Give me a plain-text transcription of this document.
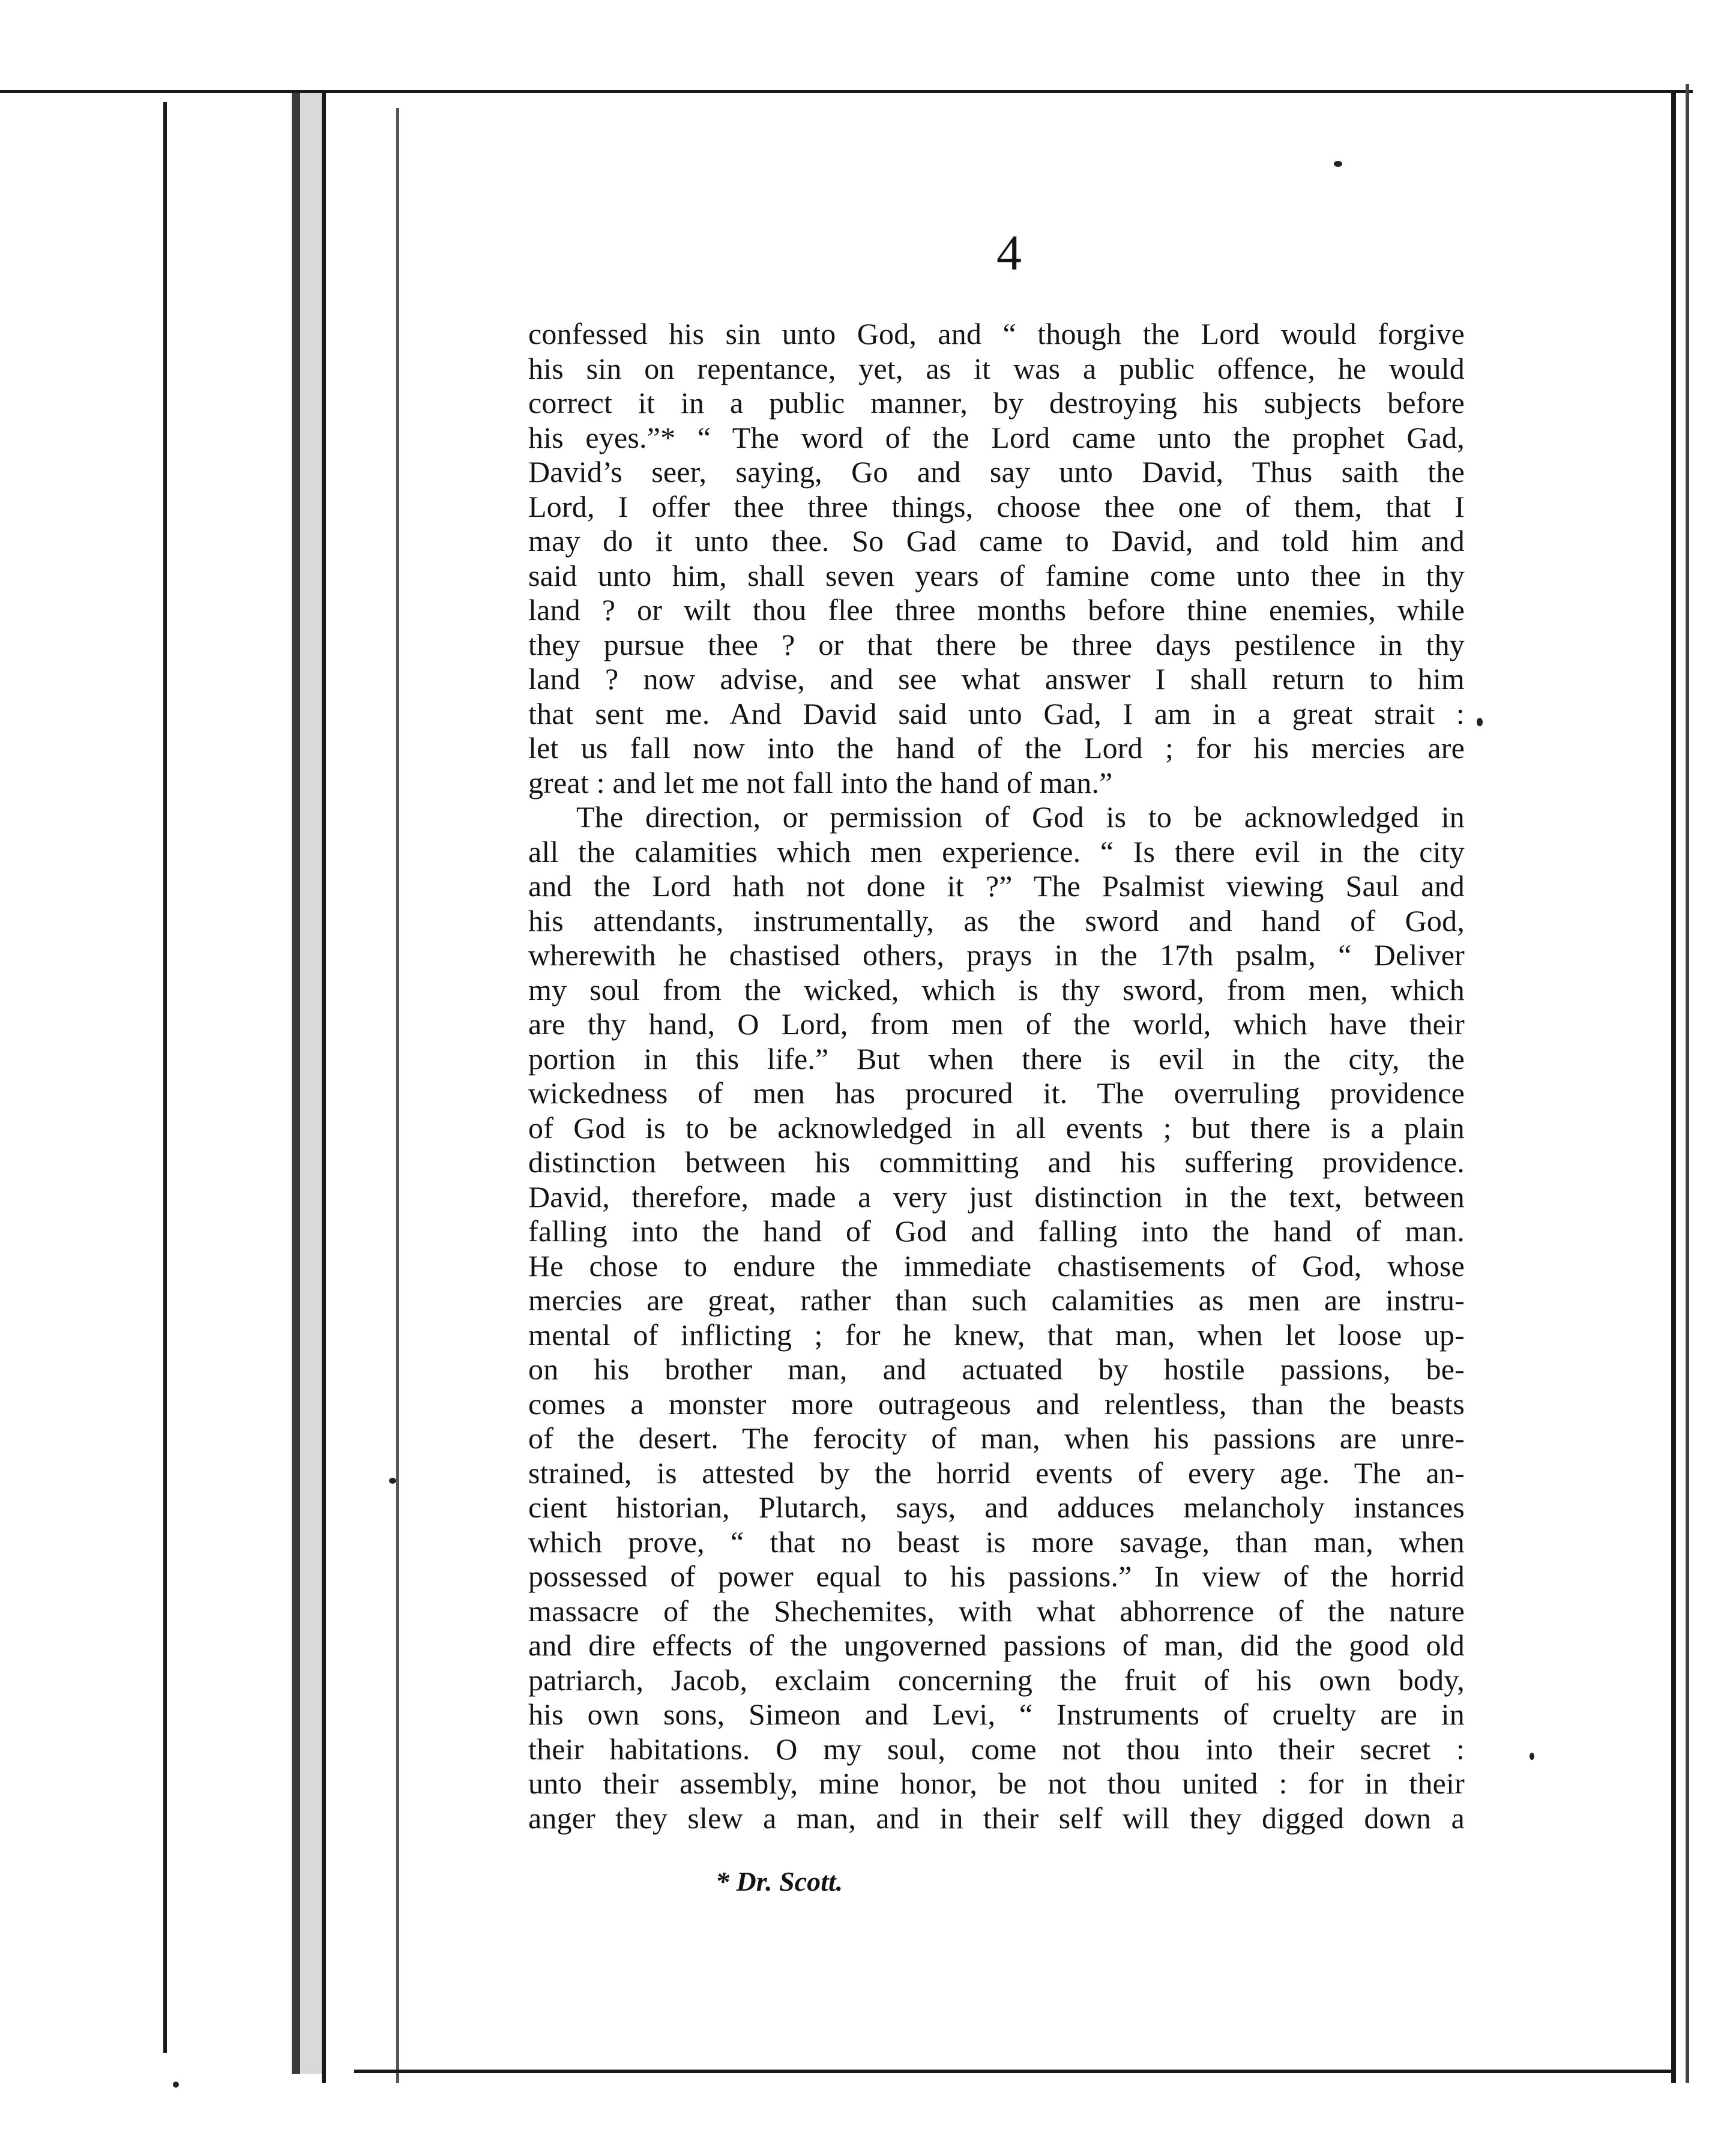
4
confessed his sin unto God, and “ though the Lord would forgive
his sin on repentance, yet, as it was a public offence, he would
correct it in a public manner, by destroying his subjects before
his eyes.”* “ The word of the Lord came unto the prophet Gad,
David’s seer, saying, Go and say unto David, Thus saith the
Lord, I offer thee three things, choose thee one of them, that I
may do it unto thee. So Gad came to David, and told him and
said unto him, shall seven years of famine come unto thee in thy
land ? or wilt thou flee three months before thine enemies, while
they pursue thee ? or that there be three days pestilence in thy
land ? now advise, and see what answer I shall return to him
that sent me. And David said unto Gad, I am in a great strait :
let us fall now into the hand of the Lord ; for his mercies are
great : and let me not fall into the hand of man.”
The direction, or permission of God is to be acknowledged in
all the calamities which men experience. “ Is there evil in the city
and the Lord hath not done it ?” The Psalmist viewing Saul and
his attendants, instrumentally, as the sword and hand of God,
wherewith he chastised others, prays in the 17th psalm, “ Deliver
my soul from the wicked, which is thy sword, from men, which
are thy hand, O Lord, from men of the world, which have their
portion in this life.” But when there is evil in the city, the
wickedness of men has procured it. The overruling providence
of God is to be acknowledged in all events ; but there is a plain
distinction between his committing and his suffering providence.
David, therefore, made a very just distinction in the text, between
falling into the hand of God and falling into the hand of man.
He chose to endure the immediate chastisements of God, whose
mercies are great, rather than such calamities as men are instru-
mental of inflicting ; for he knew, that man, when let loose up-
on his brother man, and actuated by hostile passions, be-
comes a monster more outrageous and relentless, than the beasts
of the desert. The ferocity of man, when his passions are unre-
strained, is attested by the horrid events of every age. The an-
cient historian, Plutarch, says, and adduces melancholy instances
which prove, “ that no beast is more savage, than man, when
possessed of power equal to his passions.” In view of the horrid
massacre of the Shechemites, with what abhorrence of the nature
and dire effects of the ungoverned passions of man, did the good old
patriarch, Jacob, exclaim concerning the fruit of his own body,
his own sons, Simeon and Levi, “ Instruments of cruelty are in
their habitations. O my soul, come not thou into their secret :
unto their assembly, mine honor, be not thou united : for in their
anger they slew a man, and in their self will they digged down a
* Dr. Scott.
